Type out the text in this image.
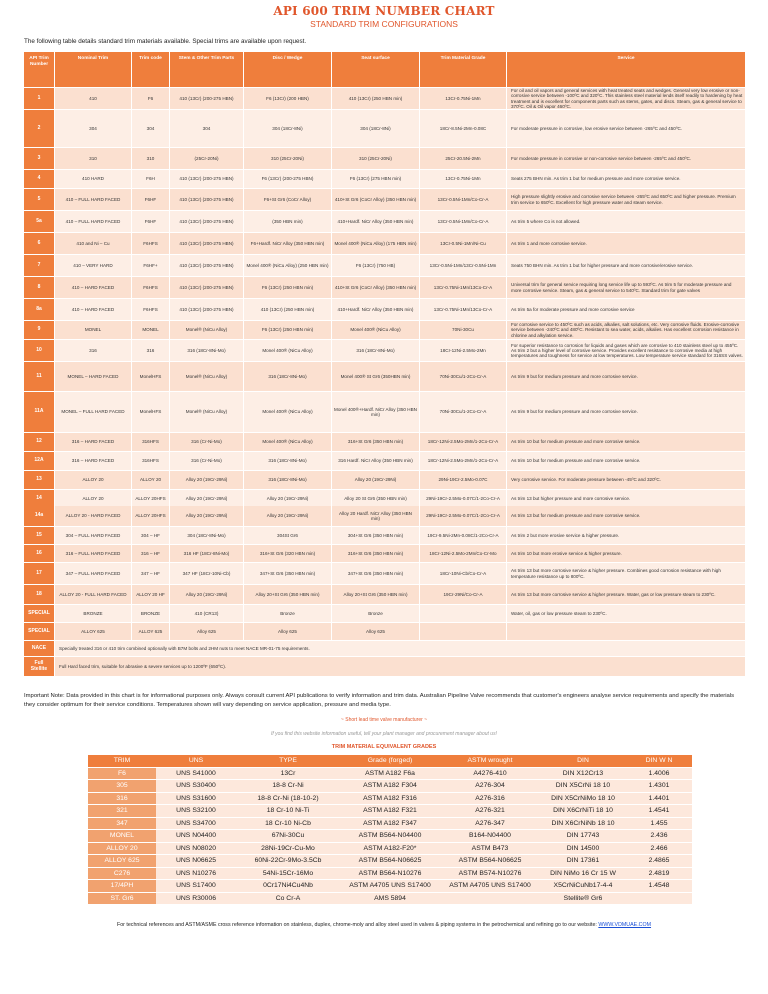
API 600 TRIM NUMBER CHART
STANDARD TRIM CONFIGURATIONS
The following table details standard trim materials available. Special trims are available upon request.
API Trim Number	Nominal Trim	Trim code	Stem & Other Trim Parts	Disc / Wedge	Seat surface	Trim Material Grade	Service
1	410	F6	410 (13Cr) (200-275 HBN)	F6 (13Cr) (200 HBN)	410 (13Cr) (250 HBN min)	13Cr-0.75Ni-1Mn	For oil and oil vapors and general services with heat treated seats and wedges. General very low erosive or non-corrosive service between -100ºC and 320ºC. This stainless steel material lends itself readily to hardening by heat treatment and is excellent for components parts such as stems, gates, and discs. Steam, gas & general service to 370ºC. Oil & Oil vapor 460ºC.
2	304	304	304	304 (18Cr-8Ni)	304 (18Cr-8Ni)	18Cr-8.5Ni-2Mn-0.08C	For moderate pressure in corrosive, low erosive service between -265ºC and 450ºC.
3	310	310	(25Cr-20Ni)	310 (25Cr-20Ni)	310 (25Cr-20Ni)	25Cr-20.5Ni-2Mn	For moderate pressure in corrosive or non-corrosive service between -265ºC and 450ºC.
4	410 HARD	F6H	410 (13Cr) (200-275 HBN)	F6 (13Cr) (200-275 HBN)	F6 (13Cr) (275 HBN min)	13Cr-0.75Ni-1Mn	Seats 275 BHN min. As trim 1 but for medium pressure and more corrosive service.
5	410 – FULL HARD FACED	F6HF	410 (13Cr) (200-275 HBN)	F6+St Gr6 (CoCr Alloy)	410+St Gr6 (CoCr Alloy) (350 HBN min)	13Cr-0.5Ni-1Mn/Co-Cr-A	High pressure slightly erosive and corrosive service between -265ºC and 650ºC and higher pressure. Premium trim service to 650ºC. Excellent for high pressure water and steam service.
5a	410 – FULL HARD FACED	F6HF	410 (13Cr) (200-275 HBN)	(350 HBN min)	410+Hardf. NiCr Alloy (350 HBN min)	13Cr-0.5Ni-1Mn/Co-Cr-A	As trim 5 where Co is not allowed.
6	410 and Ni – Cu	F6HFS	410 (13Cr) (200-275 HBN)	F6+Hardf. NiCr Alloy (350 HBN min)	Monel 400® (NiCu Alloy) (175 HBN min)	13Cr-0.5Ni-1Mn/Ni-Cu	As trim 1 and more corrosive service.
7	410 – VERY HARD	F6HF+	410 (13Cr) (200-275 HBN)	Monel 400® (NiCu Alloy) (250 HBN min)	F6 (13Cr) (750 HB)	13Cr-0.5Ni-1Mn/13Cr-0.5Ni-1Mn	Seats 750 BHN min. As trim 1 but for higher pressure and more corrosive/erosive service.
8	410 – HARD FACED	F6HFS	410 (13Cr) (200-275 HBN)	F6 (13Cr) (250 HBN min)	410+St Gr6 (CoCr Alloy) (350 HBN min)	13Cr-0.75Ni-1Mn/13Co-Cr-A	Universal trim for general service requiring long service life up to 593ºC. As trim 5 for moderate pressure and more corrosive service. Steam, gas & general service to 540ºC. Standard trim for gate valves
8a	410 – HARD FACED	F6HFS	410 (13Cr) (200-275 HBN)	410 (13Cr) (250 HBN min)	410+Hardf. NiCr Alloy (350 HBN min)	13Cr-0.75Ni-1Mn/13Co-Cr-A	As trim 5a for moderate pressure and more corrosive service
9	MONEL	MONEL	Monel® (NiCu Alloy)	F6 (13Cr) (250 HBN min)	Monel 400® (NiCu Alloy)	70Ni-30Cu	For corrosive service to 450ºC such as acids, alkalies, salt solutions, etc. Very corrosive fluids. Erosive-corrosive service between -240ºC and 480ºC. Resistant to sea water, acids, alkalies. Has excellent corrosion resistance in chlorine and alkylation service.
10	316	316	316 (18Cr-8Ni-Mo)	Monel 400® (NiCu Alloy)	316 (18Cr-8Ni-Mo)	18Cr-12Ni-2.5Mo-2Mn	For superior resistance to corrosion for liquids and gases which are corrosive to 410 stainless steel up to 455ºC. As trim 2 but a higher level of corrosive service. Provides excellent resistance to corrosive media at high temperatures and toughness for service at low temperatures. Low temperature service standard for 316SS valves.
11	MONEL – HARD FACED	MonelHFS	Monel® (NiCu Alloy)	316 (18Cr-8Ni-Mo)	Monel 400® St Gr6 (350HBN min)	70Ni-30Cu/1-2Co-Cr-A	As trim 9 but for medium pressure and more corrosive service.
11A	MONEL – FULL HARD FACED	MonelHFS	Monel® (NiCu Alloy)	Monel 400® (NiCu Alloy)	Monel 400®+Hardf. NiCr Alloy (350 HBN min)	70Ni-30Cu/1-2Co-Cr-A	As trim 9 but for medium pressure and more corrosive service.
12	316 – HARD FACED	316HFS	316 (Cr-Ni-Mo)	Monel 400® (NiCu Alloy)	316+St Gr6 (350 HBN min)	18Cr-12Ni-2.5Mo-2Mn/1-2Co-Cr-A	As trim 10 but for medium pressure and more corrosive service.
12A	316 – HARD FACED	316HFS	316 (Cr-Ni-Mo)	316 (18Cr-8Ni-Mo)	316 Hardf. NiCr Alloy (350 HBN min)	18Cr-12Ni-2.5Mo-2Mn/1-2Co-Cr-A	As trim 10 but for medium pressure and more corrosive service.
13	ALLOY 20	ALLOY 20	Alloy 20 (19Cr-29Ni)	316 (18Cr-8Ni-Mo)	Alloy 20 (19Cr-29Ni)	29Ni-19Cr-2.5Mo-0.07C	Very corrosive service. For moderate pressure between -45ºC and 320ºC.
14	ALLOY 20	ALLOY 20HFS	Alloy 20 (19Cr-29Ni)	Alloy 20 (19Cr-29Ni)	Alloy 20 St Gr6 (350 HBN min)	29Ni-19Cr-2.5Mo-0.07C/1-2Co-Cr-A	As trim 13 but higher pressure and more corrosive service.
14a	ALLOY 20 - HARD FACED	ALLOY 20HFS	Alloy 20 (19Cr-29Ni)	Alloy 20 (19Cr-29Ni)	Alloy 20 Hardf. NiCr Alloy (350 HBN min)	29Ni-19Cr-2.5Mo-0.07C/1-2Co-Cr-A	As trim 13 but for medium pressure and more corrosive service.
15	304 – FULL HARD FACED	304 – HF	304 (18Cr-8Ni-Mo)	304St Gr6	304+St Gr6 (350 HBN min)	19Cr-9.5Ni-2Mn-0.08C/1-2Co-Cr-A	As trim 2 but more erosive service & higher pressure.
16	316 – FULL HARD FACED	316 – HF	316 HF (18Cr-8Ni-Mo)	316+St Gr6 (320 HBN min)	316+St Gr6 (350 HBN min)	18Cr-12Ni-2.5Mo-2Mn/Co-Cr-Mo	As trim 10 but more erosive service & higher pressure.
17	347 – FULL HARD FACED	347 – HF	347 HF (18Cr-10Ni-Cb)	347+St Gr6 (350 HBN min)	347+St Gr6 (350 HBN min)	18Cr-10Ni-Cb/Co-Cr-A	As trim 13 but more corrosive service & higher pressure. Combines good corrosion resistance with high temperature resistance up to 800ºC.
18	ALLOY 20 - FULL HARD FACED	ALLOY 20 HF	Alloy 20 (19Cr-29Ni)	Alloy 20+St Gr6 (350 HBN min)	Alloy 20+St Gr6 (350 HBN min)	19Cr-29Ni/Co-Cr-A	As trim 13 but more corrosive service & higher pressure. Water, gas or low pressure steam to 230ºC.
SPECIAL	BRONZE	BRONZE	410 (CR13)	Bronze	Bronze		Water, oil, gas or low pressure steam to 230ºC.
SPECIAL	ALLOY 625	ALLOY 625	Alloy 625	Alloy 625	Alloy 625		
NACE	Specially treated 316 or 410 trim combined optionally with B7M bolts and 2HM nuts to meet NACE MR-01-75 requirements.						
Full Stellite	Full Hard faced trim, suitable for abrasive & severe services up to 1200ºF (650ºC).						
Important Note: Data provided in this chart is for informational purposes only. Always consult current API publications to verify information and trim data. Australian Pipeline Valve recommends that customer's engineers analyse service requirements and specify the materials they consider optimum for their service conditions. Temperatures shown will vary depending on service application, pressure and media type.
~ Short lead time valve manufacturer ~
If you find this website information useful, tell your plant manager and procurement manager about us!
TRIM MATERIAL EQUIVALENT GRADES
TRIM	UNS	TYPE	Grade (forged)	ASTM wrought	DIN	DIN W N
F6	UNS S41000	13Cr	ASTM A182 F6a	A4276-410	DIN X12Cr13	1.4006
305	UNS S30400	18-8 Cr-Ni	ASTM A182 F304	A276-304	DIN X5CrNi 18 10	1.4301
316	UNS S31600	18-8 Cr-Ni (18-10-2)	ASTM A182 F316	A276-316	DIN X5CrNiMo 18 10	1.4401
321	UNS S32100	18 Cr-10 Ni-Ti	ASTM A182 F321	A276-321	DIN X6CrNiTi 18 10	1.4541
347	UNS S34700	18 Cr-10 Ni-Cb	ASTM A182 F347	A276-347	DIN X6CrNiNb 18 10	1.455
MONEL	UNS N04400	67Ni-30Cu	ASTM B564-N04400	B164-N04400	DIN 17743	2.436
ALLOY 20	UNS N08020	28Ni-19Cr-Cu-Mo	ASTM A182-F20*	ASTM B473	DIN 14500	2.466
ALLOY 625	UNS N06625	60Ni-22Cr-9Mo-3.5Cb	ASTM B564-N06625	ASTM B564-N06625	DIN 17361	2.4865
C276	UNS N10276	54Ni-15Cr-16Mo	ASTM B564-N10276	ASTM B574-N10276	DIN NiMo 16 Cr 15 W	2.4819
17/4PH	UNS S17400	0Cr17Ni4Cu4Nb	ASTM A4705 UNS S17400	ASTM A4705 UNS S17400	X5CrNiCuNb17-4-4	1.4548
ST. Gr6	UNS R30006	Co Cr-A	AMS 5894		Stellite® Gr6	
For technical references and ASTM/ASME cross reference information on stainless, duplex, chrome-moly and alloy steel used in valves & piping systems in the petrochemical and refining go to our website: WWW.VDMUAE.COM
